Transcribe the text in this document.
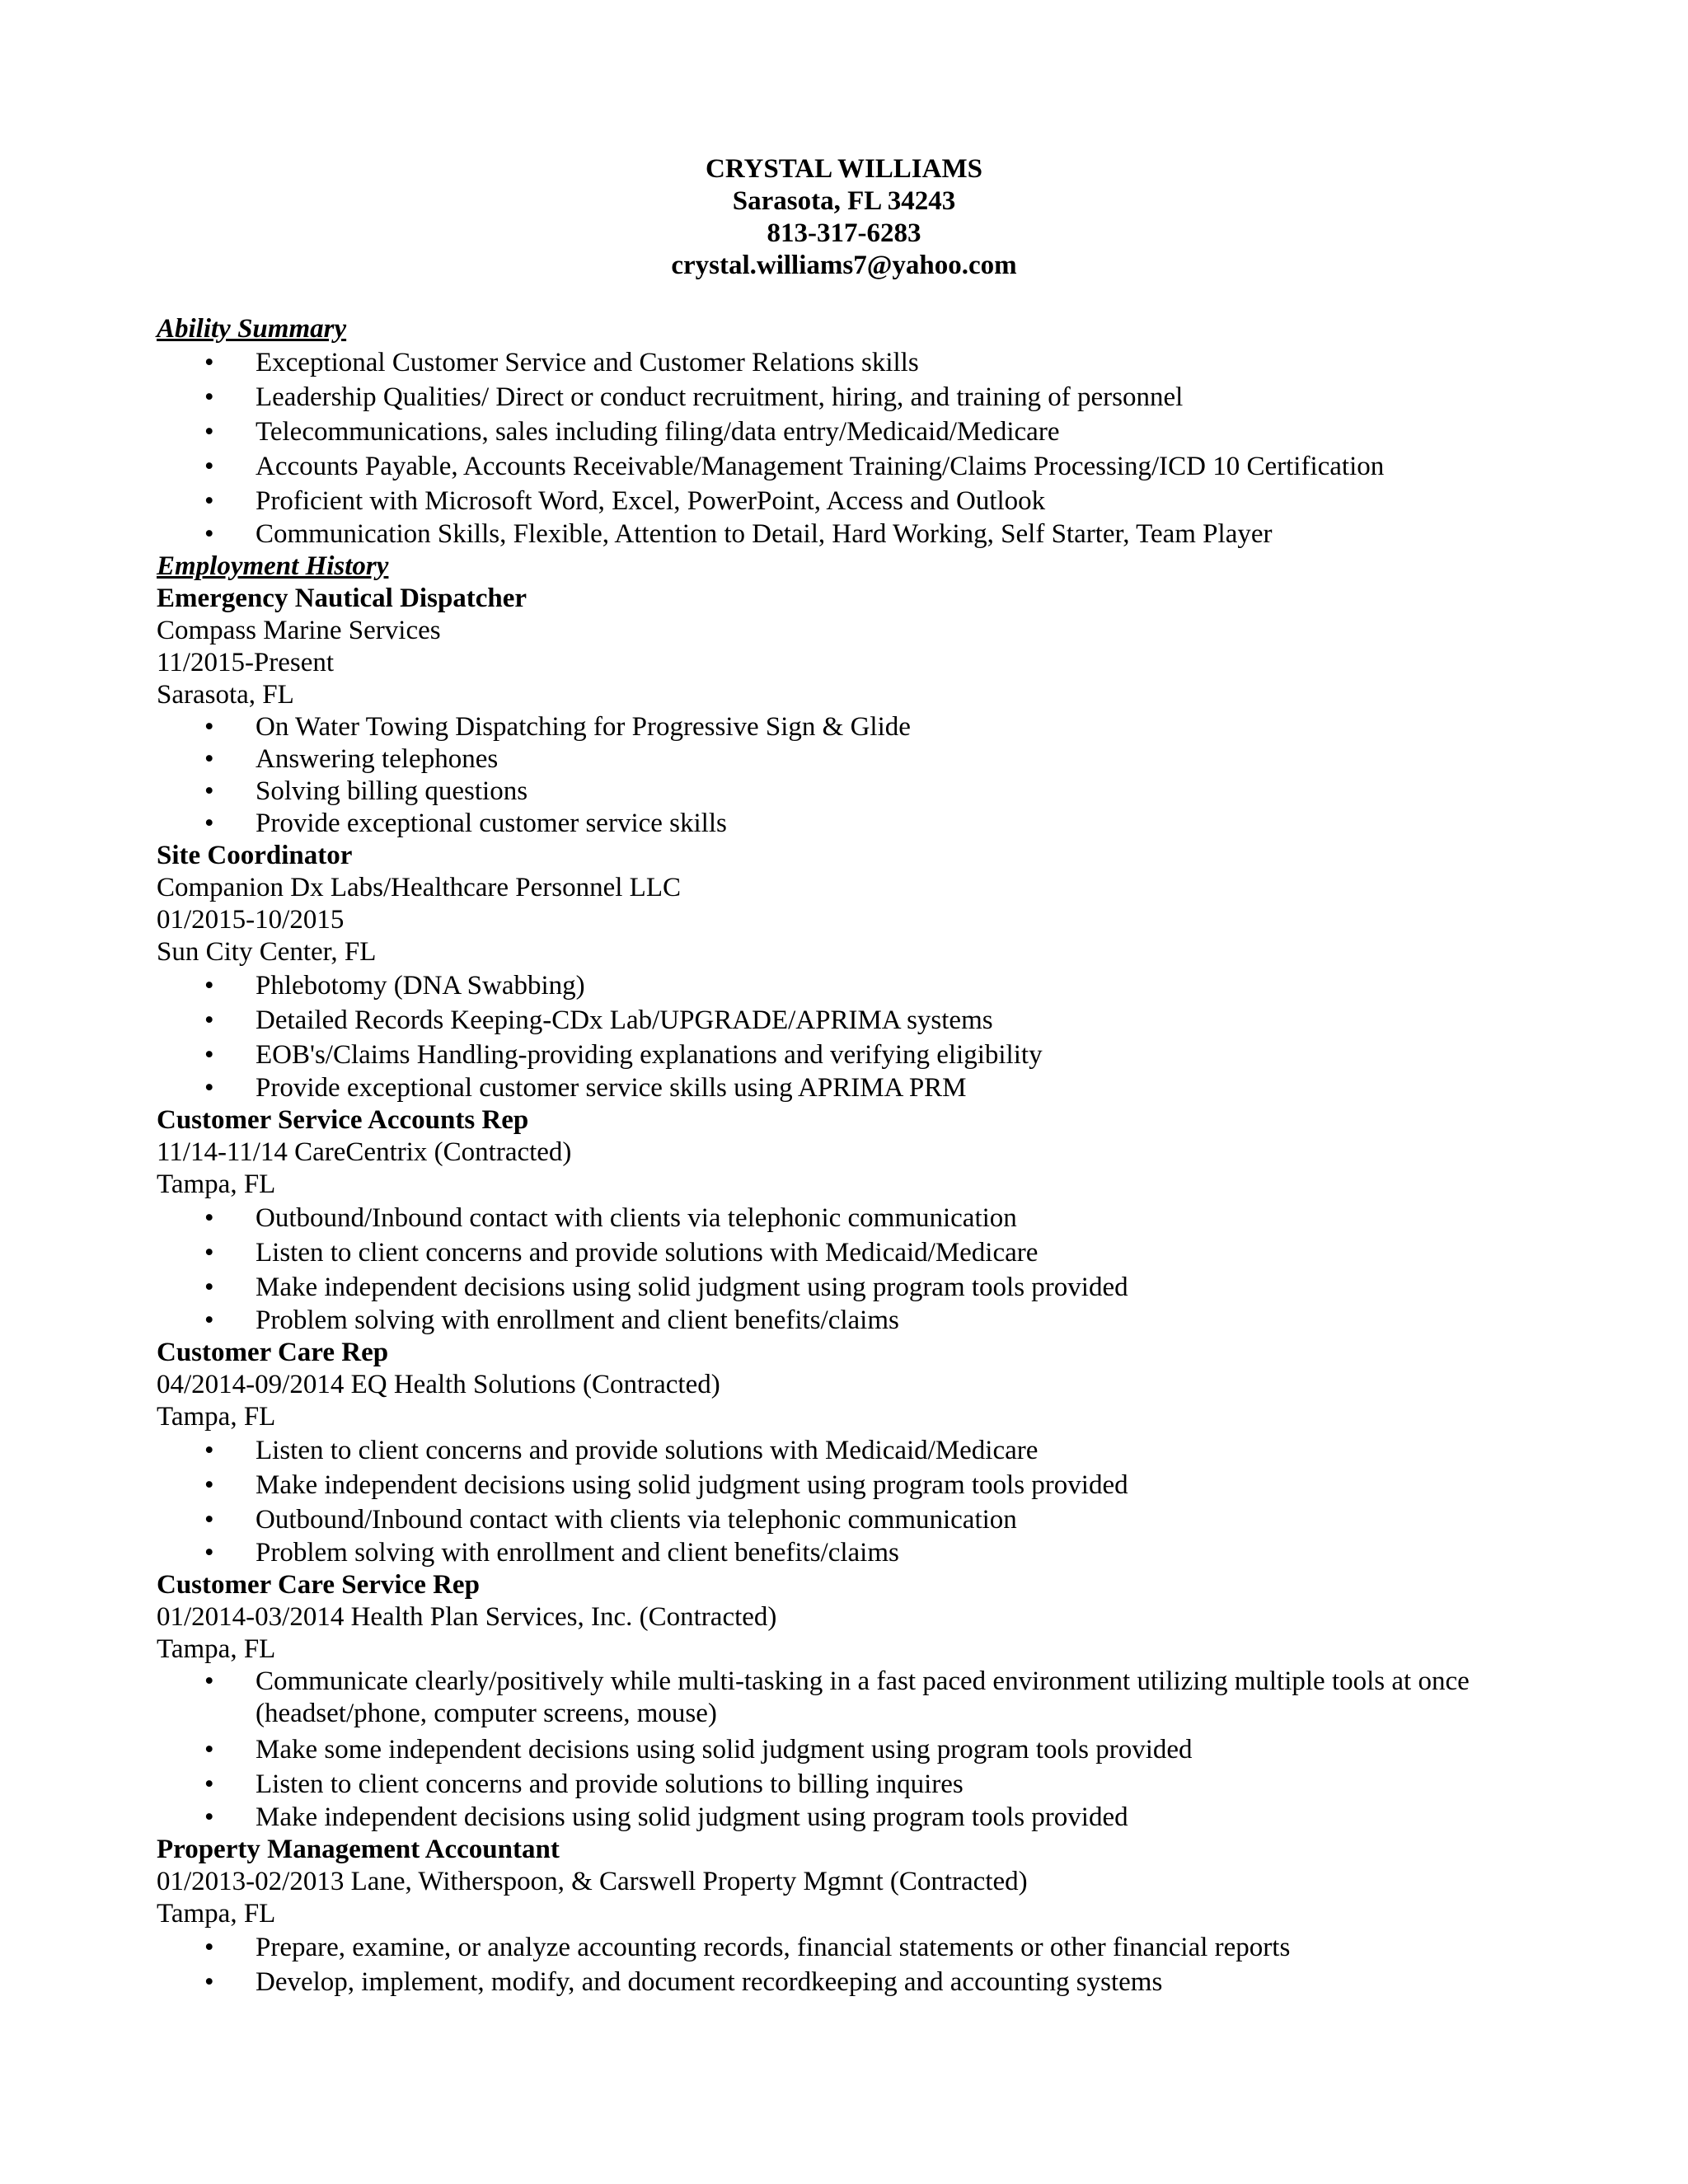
CRYSTAL WILLIAMS
Sarasota, FL 34243
813-317-6283
crystal.williams7@yahoo.com
Ability Summary
• Exceptional Customer Service and Customer Relations skills
• Leadership Qualities/ Direct or conduct recruitment, hiring, and training of personnel
• Telecommunications, sales including filing/data entry/Medicaid/Medicare
• Accounts Payable, Accounts Receivable/Management Training/Claims Processing/ICD 10 Certification
• Proficient with Microsoft Word, Excel, PowerPoint, Access and Outlook
• Communication Skills, Flexible, Attention to Detail, Hard Working, Self Starter, Team Player
Employment History
Emergency Nautical Dispatcher
Compass Marine Services
11/2015-Present
Sarasota, FL
• On Water Towing Dispatching for Progressive Sign & Glide
• Answering telephones
• Solving billing questions
• Provide exceptional customer service skills
Site Coordinator
Companion Dx Labs/Healthcare Personnel LLC
01/2015-10/2015
Sun City Center, FL
• Phlebotomy (DNA Swabbing)
• Detailed Records Keeping-CDx Lab/UPGRADE/APRIMA systems
• EOB's/Claims Handling-providing explanations and verifying eligibility
• Provide exceptional customer service skills using APRIMA PRM
Customer Service Accounts Rep
11/14-11/14 CareCentrix (Contracted)
Tampa, FL
• Outbound/Inbound contact with clients via telephonic communication
• Listen to client concerns and provide solutions with Medicaid/Medicare
• Make independent decisions using solid judgment using program tools provided
• Problem solving with enrollment and client benefits/claims
Customer Care Rep
04/2014-09/2014 EQ Health Solutions (Contracted)
Tampa, FL
• Listen to client concerns and provide solutions with Medicaid/Medicare
• Make independent decisions using solid judgment using program tools provided
• Outbound/Inbound contact with clients via telephonic communication
• Problem solving with enrollment and client benefits/claims
Customer Care Service Rep
01/2014-03/2014 Health Plan Services, Inc. (Contracted)
Tampa, FL
• Communicate clearly/positively while multi-tasking in a fast paced environment utilizing multiple tools at once (headset/phone, computer screens, mouse)
• Make some independent decisions using solid judgment using program tools provided
• Listen to client concerns and provide solutions to billing inquires
• Make independent decisions using solid judgment using program tools provided
Property Management Accountant
01/2013-02/2013 Lane, Witherspoon, & Carswell Property Mgmnt (Contracted)
Tampa, FL
• Prepare, examine, or analyze accounting records, financial statements or other financial reports
• Develop, implement, modify, and document recordkeeping and accounting systems
